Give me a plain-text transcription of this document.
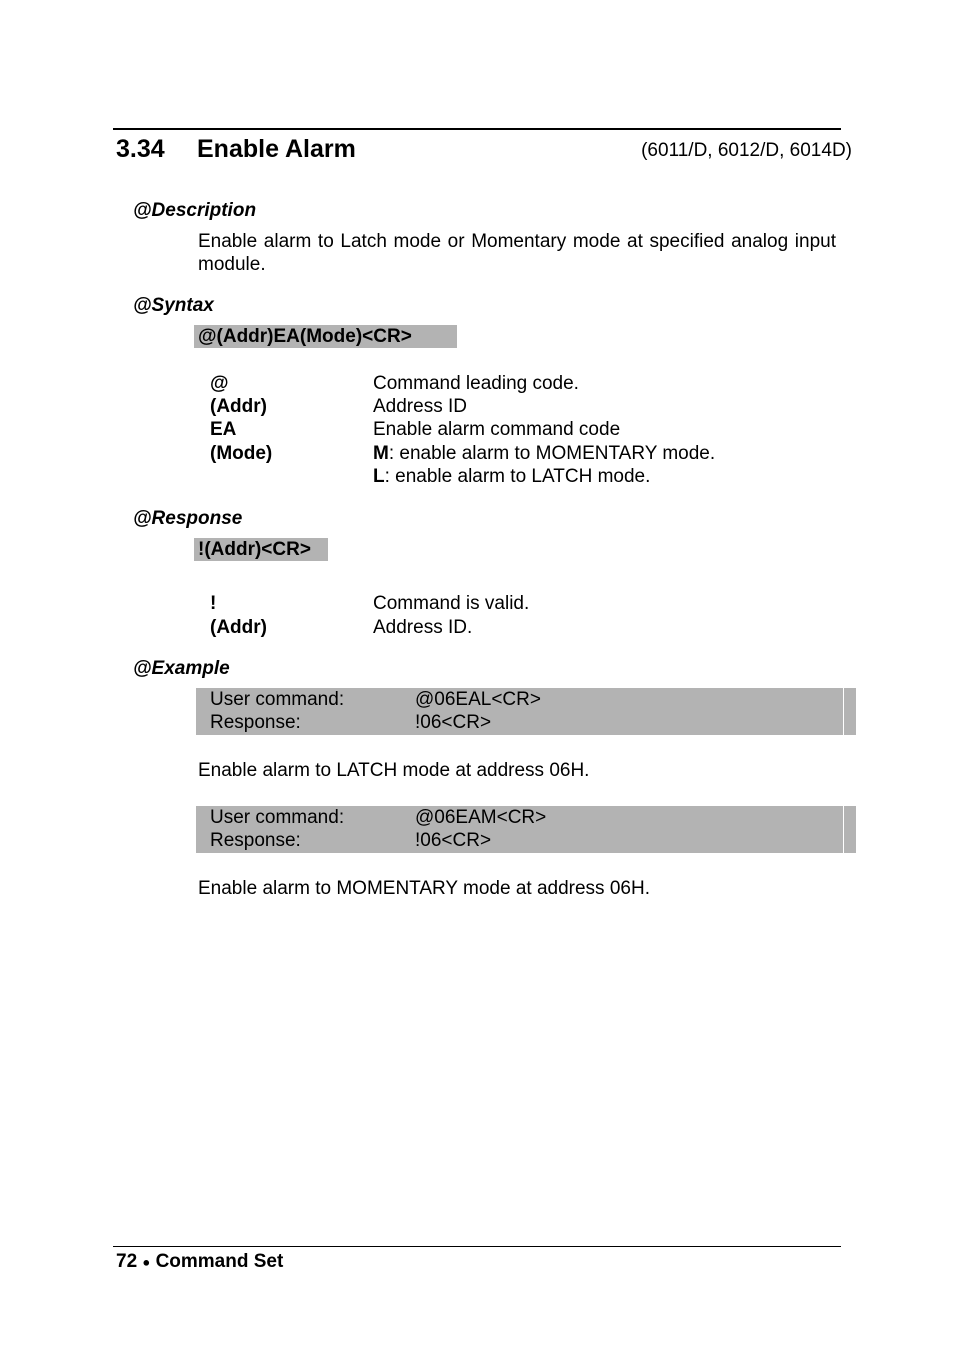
3.34 Enable Alarm	(6011/D, 6012/D, 6014D)
@Description
Enable alarm to Latch mode or Momentary mode at specified analog input module.
@Syntax
@(Addr)EA(Mode)<CR>
@	Command leading code.
(Addr)	Address ID
EA	Enable alarm command code
(Mode)	M: enable alarm to MOMENTARY mode.
L: enable alarm to LATCH mode.
@Response
!(Addr)<CR>
!	Command is valid.
(Addr)	Address ID.
@Example
User command:	@06EAL<CR>
Response:	!06<CR>
Enable alarm to LATCH mode at address 06H.
User command:	@06EAM<CR>
Response:	!06<CR>
Enable alarm to MOMENTARY mode at address 06H.
72 ● Command Set
